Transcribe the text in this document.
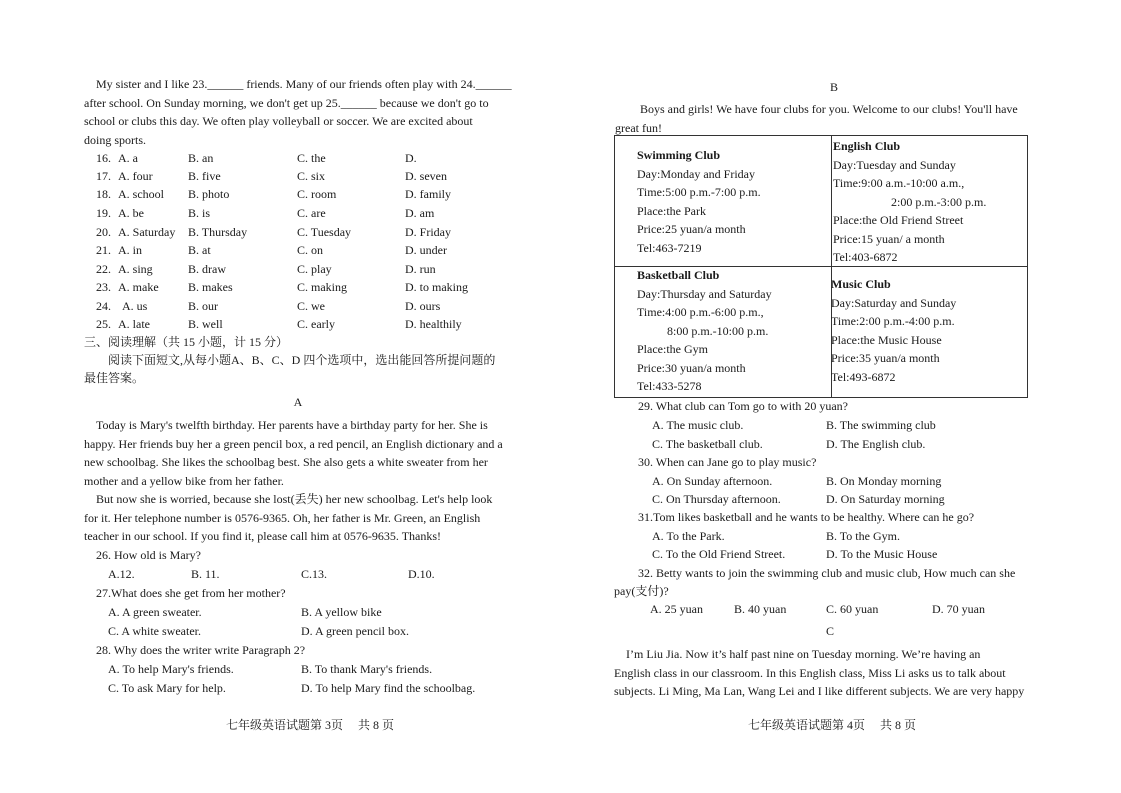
My sister and I like 23.______ friends. Many of our friends often play with 24.______
after school. On Sunday morning, we don't get up 25.______ because we don't go to
school or clubs this day. We often play volleyball or soccer. We are excited about
doing sports.
16. A. a	B. an	C. the	D.
17. A. four	B. five	C. six	D. seven
18. A. school B. photo	C. room	D. family
19. A. be	B. is	C. are	D. am
20. A. Saturday B. Thursday	C. Tuesday	D. Friday
21. A. in	B. at	C. on	D. under
22. A. sing	B. draw	C. play	D. run
23. A. make B. makes	C. making	D. to making
24. A. us	B. our	C. we	D. ours
25. A. late	B. well	C. early	D. healthily
三、阅读理解（共 15 小题，计 15 分）
阅读下面短文,从每小题A、B、C、D 四个选项中，选出能回答所提问题的
最佳答案。
A
Today is Mary's twelfth birthday. Her parents have a birthday party for her. She is
happy. Her friends buy her a green pencil box, a red pencil, an English dictionary and a
new schoolbag. She likes the schoolbag best. She also gets a white sweater from her
mother and a yellow bike from her father.
But now she is worried, because she lost(丢失) her new schoolbag. Let's help look
for it. Her telephone number is 0576-9365. Oh, her father is Mr. Green, an English
teacher in our school. If you find it, please call him at 0576-9635. Thanks!
26. How old is Mary?
A.12.	B. 11.	C.13.	D.10.
27.What does she get from her mother?
A. A green sweater.	B. A yellow bike
C. A white sweater.	D. A green pencil box.
28. Why does the writer write Paragraph 2?
A. To help Mary's friends.	B. To thank Mary's friends.
C. To ask Mary for help.	D. To help Mary find the schoolbag.
七年级英语试题第 3页　 共 8 页
B
Boys and girls! We have four clubs for you. Welcome to our clubs! You'll have
great fun!
Swimming Club
Day:Monday and Friday
Time:5:00 p.m.-7:00 p.m.
Place:the Park
Price:25 yuan/a month
Tel:463-7219
English Club
Day:Tuesday and Sunday
Time:9:00 a.m.-10:00 a.m.,
2:00 p.m.-3:00 p.m.
Place:the Old Friend Street
Price:15 yuan/ a month
Tel:403-6872
Basketball Club
Day:Thursday and Saturday
Time:4:00 p.m.-6:00 p.m.,
8:00 p.m.-10:00 p.m.
Place:the Gym
Price:30 yuan/a month
Tel:433-5278
Music Club
Day:Saturday and Sunday
Time:2:00 p.m.-4:00 p.m.
Place:the Music House
Price:35 yuan/a month
Tel:493-6872
29. What club can Tom go to with 20 yuan?
A. The music club.	B. The swimming club
C. The basketball club.	D. The English club.
30. When can Jane go to play music?
A. On Sunday afternoon.	B. On Monday morning
C. On Thursday afternoon.	D. On Saturday morning
31.Tom likes basketball and he wants to be healthy. Where can he go?
A. To the Park.	B. To the Gym.
C. To the Old Friend Street.	D. To the Music House
32. Betty wants to join the swimming club and music club, How much can she
pay(支付)?
A. 25 yuan	B. 40 yuan	C. 60 yuan	D. 70 yuan
C
I’m Liu Jia. Now it’s half past nine on Tuesday morning. We’re having an
English class in our classroom. In this English class, Miss Li asks us to talk about
subjects. Li Ming, Ma Lan, Wang Lei and I like different subjects. We are very happy
七年级英语试题第 4页　 共 8 页
